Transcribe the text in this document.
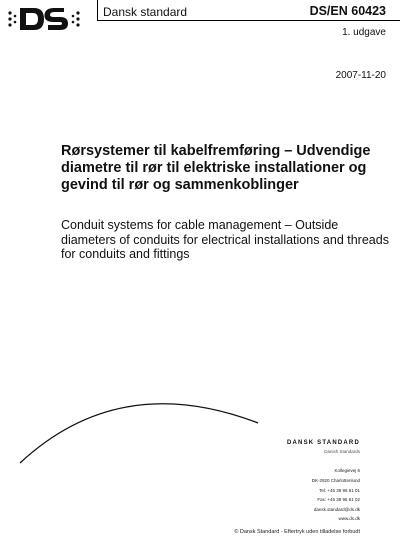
Dansk standard	DS/EN 60423
1. udgave
2007-11-20
Rørsystemer til kabelfremføring – Udvendige diametre til rør til elektriske installationer og gevind til rør og sammenkoblinger
Conduit systems for cable management – Outside diameters of conduits for electrical installations and threads for conduits and fittings
DANSK STANDARD
Danish Standards
Kollegievej 6
DK-2920 Charlottenlund
Tel: +45 39 96 61 01
Fax: +45 39 96 61 02
dansk.standard@ds.dk
www.ds.dk
© Dansk Standard - Eftertryk uden tilladelse forbudt
